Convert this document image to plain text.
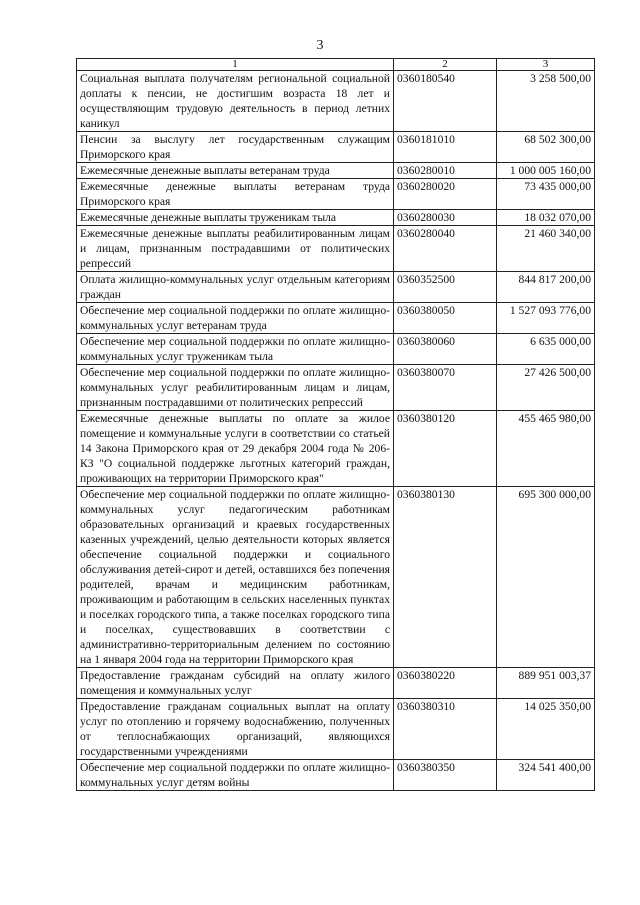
3
1	2	3
Социальная выплата получателям региональной социальной доплаты к пенсии, не достигшим возраста 18 лет и осуществляющим трудовую деятельность в период летних каникул	0360180540	3 258 500,00
Пенсии за выслугу лет государственным служащим Приморского края	0360181010	68 502 300,00
Ежемесячные денежные выплаты ветеранам труда	0360280010	1 000 005 160,00
Ежемесячные денежные выплаты ветеранам труда Приморского края	0360280020	73 435 000,00
Ежемесячные денежные выплаты труженикам тыла	0360280030	18 032 070,00
Ежемесячные денежные выплаты реабилитированным лицам и лицам, признанным пострадавшими от политических репрессий	0360280040	21 460 340,00
Оплата жилищно-коммунальных услуг отдельным категориям граждан	0360352500	844 817 200,00
Обеспечение мер социальной поддержки по оплате жилищно-коммунальных услуг ветеранам труда	0360380050	1 527 093 776,00
Обеспечение мер социальной поддержки по оплате жилищно-коммунальных услуг труженикам тыла	0360380060	6 635 000,00
Обеспечение мер социальной поддержки по оплате жилищно-коммунальных услуг реабилитированным лицам и лицам, признанным пострадавшими от политических репрессий	0360380070	27 426 500,00
Ежемесячные денежные выплаты по оплате за жилое помещение и коммунальные услуги в соответствии со статьей 14 Закона Приморского края от 29 декабря 2004 года № 206-КЗ "О социальной поддержке льготных категорий граждан, проживающих на территории Приморского края"	0360380120	455 465 980,00
Обеспечение мер социальной поддержки по оплате жилищно-коммунальных услуг педагогическим работникам образовательных организаций и краевых государственных казенных учреждений, целью деятельности которых является обеспечение социальной поддержки и социального обслуживания детей-сирот и детей, оставшихся без попечения родителей, врачам и медицинским работникам, проживающим и работающим в сельских населенных пунктах и поселках городского типа, а также поселках городского типа и поселках, существовавших в соответствии с административно-территориальным делением по состоянию на 1 января 2004 года на территории Приморского края	0360380130	695 300 000,00
Предоставление гражданам субсидий на оплату жилого помещения и коммунальных услуг	0360380220	889 951 003,37
Предоставление гражданам социальных выплат на оплату услуг по отоплению и горячему водоснабжению, полученных от теплоснабжающих организаций, являющихся государственными учреждениями	0360380310	14 025 350,00
Обеспечение мер социальной поддержки по оплате жилищно-коммунальных услуг детям войны	0360380350	324 541 400,00
